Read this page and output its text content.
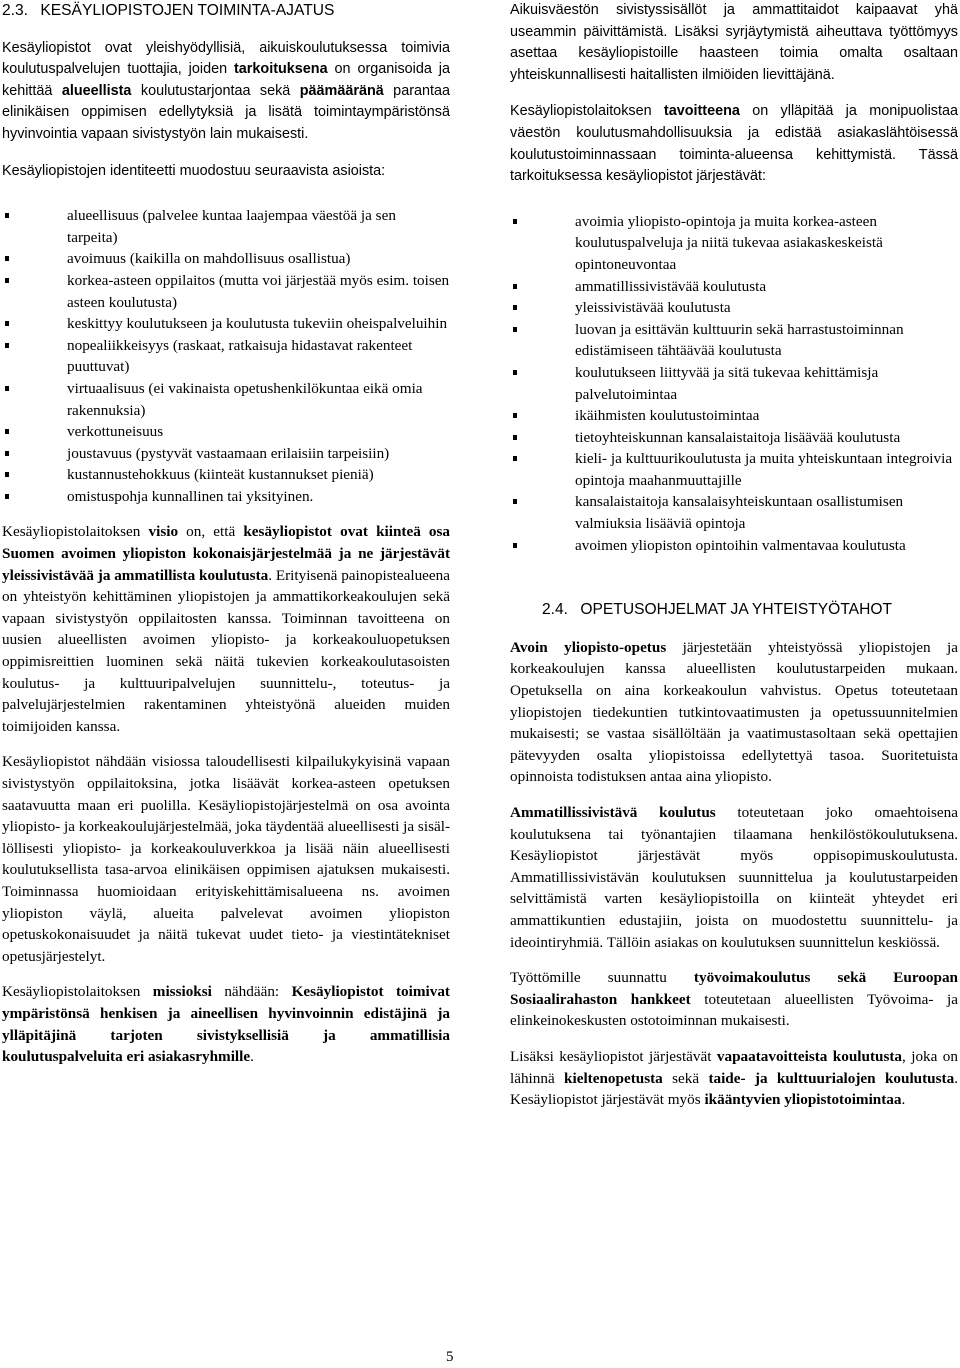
2.3. KESÄYLIOPISTOJEN TOIMINTA-AJATUS

Kesäyliopistot ovat yleishyödyllisiä, aikuiskoulutuksessa toimivia koulutuspalvelujen tuottajia, joiden tarkoituksena on organisoida ja kehittää alueellista koulutustarjontaa sekä päämääränä parantaa elinikäisen oppimisen edellytyksiä ja lisätä toimintaympäristönsä hyvinvointia vapaan sivistystyön lain mukaisesti.

Kesäyliopistojen identiteetti muodostuu seuraavista asioista:

alueellisuus (palvelee kuntaa laajempaa väestöä ja sen tarpeita)
avoimuus (kaikilla on mahdollisuus osallistua)
korkea-asteen oppilaitos (mutta voi järjestää myös esim. toisen asteen koulutusta)
keskittyy koulutukseen ja koulutusta tukeviin oheispalveluihin
nopealiikkeisyys (raskaat, ratkaisuja hidastavat rakenteet puuttuvat)
virtuaalisuus (ei vakinaista opetushenkilökuntaa eikä omia rakennuksia)
verkottuneisuus
joustavuus (pystyvät vastaamaan erilaisiin tarpeisiin)
kustannustehokkuus (kiinteät kustannukset pieniä)
omistuspohja kunnallinen tai yksityinen.

Kesäyliopistolaitoksen visio on, että kesäyliopistot ovat kiinteä osa Suomen avoimen yliopiston kokonaisjärjestelmää ja ne järjestävät yleissivistävää ja ammatillista koulutusta. Erityisenä painopistealueena on yhteistyön kehittäminen yliopistojen ja ammattikorkeakoulujen sekä vapaan sivistystyön oppilaitosten kanssa. Toiminnan tavoitteena on uusien alueellisten avoimen yliopisto- ja korkeakouluopetuksen oppimisreittien luominen sekä näitä tukevien korkeakoulutasoisten koulutus- ja kulttuuripalvelujen suunnittelu-, toteutus- ja palvelujärjestelmien rakentaminen yhteistyönä alueiden muiden toimijoiden kanssa.

Kesäyliopistot nähdään visiossa taloudellisesti kilpailukykyisinä vapaan sivistystyön oppilaitoksina, jotka lisäävät korkea-asteen opetuksen saatavuutta maan eri puolilla. Kesäyliopistojärjestelmä on osa avointa yliopisto- ja korkeakoulujärjestelmää, joka täydentää alueellisesti ja sisällöllisesti yliopisto- ja korkeakouluverkkoa ja lisää näin alueellisesti koulutuksellista tasa-arvoa elinikäisen oppimisen ajatuksen mukaisesti. Toiminnassa huomioidaan erityiskehittämisalueena ns. avoimen yliopiston väylä, alueita palvelevat avoimen yliopiston opetuskokonaisuudet ja näitä tukevat uudet tieto- ja viestintätekniset opetusjärjestelyt.

Kesäyliopistolaitoksen missioksi nähdään: Kesäyliopistot toimivat ympäristönsä henkisen ja aineellisen hyvinvoinnin edistäjinä ja ylläpitäjinä tarjoten sivistyksellisiä ja ammatillisia koulutuspalveluita eri asiakasryhmille.

Aikuisväestön sivistyssisällöt ja ammattitaidot kaipaavat yhä useammin päivittämistä. Lisäksi syrjäytymistä aiheuttava työttömyys asettaa kesäyliopistoille haasteen toimia omalta osaltaan yhteiskunnallisesti haitallisten ilmiöiden lievittäjänä.

Kesäyliopistolaitoksen tavoitteena on ylläpitää ja monipuolistaa väestön koulutusmahdollisuuksia ja edistää asiakaslähtöisessä koulutustoiminnassaan toiminta-alueensa kehittymistä. Tässä tarkoituksessa kesäyliopistot järjestävät:

avoimia yliopisto-opintoja ja muita korkea-asteen koulutuspalveluja ja niitä tukevaa asiakaskeskeistä opintoneuvontaa
ammatillissivistävää koulutusta
yleissivistävää koulutusta
luovan ja esittävän kulttuurin sekä harrastustoiminnan edistämiseen tähtäävää koulutusta
koulutukseen liittyvää ja sitä tukevaa kehittämisja palvelutoimintaa
ikäihmisten koulutustoimintaa
tietoyhteiskunnan kansalaistaitoja lisäävää koulutusta
kieli- ja kulttuurikoulutusta ja muita yhteiskuntaan integroivia opintoja maahanmuuttajille
kansalaistaitoja kansalaisyhteiskuntaan osallistumisen valmiuksia lisääviä opintoja
avoimen yliopiston opintoihin valmentavaa koulutusta
2.4. OPETUSOHJELMAT JA YHTEISTYÖTAHOT

Avoin yliopisto-opetus järjestetään yhteistyössä yliopistojen ja korkeakoulujen kanssa alueellisten koulutustarpeiden mukaan. Opetuksella on aina korkeakoulun vahvistus. Opetus toteutetaan yliopistojen tiedekuntien tutkintovaatimusten ja opetussuunnitelmien mukaisesti; se vastaa sisällöltään ja vaatimustasoltaan sekä opettajien pätevyyden osalta yliopistoissa edellytettyä tasoa. Suoritetuista opinnoista todistuksen antaa aina yliopisto.

Ammatillissivistävä koulutus toteutetaan joko omaehtoisena koulutuksena tai työnantajien tilaamana henkilöstökoulutuksena. Kesäyliopistot järjestävät myös oppisopimuskoulutusta. Ammatillissivistävän koulutuksen suunnittelua ja koulutustarpeiden selvittämistä varten kesäyliopistoilla on kiinteät yhteydet eri ammattikuntien edustajiin, joista on muodostettu suunnittelu- ja ideointiryhmiä. Tällöin asiakas on koulutuksen suunnittelun keskiössä.

Työttömille suunnattu työvoimakoulutus sekä Euroopan Sosiaalirahaston hankkeet toteutetaan alueellisten Työvoima- ja elinkeinokeskusten ostotoiminnan mukaisesti.

Lisäksi kesäyliopistot järjestävät vapaatavoitteista koulutusta, joka on lähinnä kieltenopetusta sekä taide- ja kulttuurialojen koulutusta. Kesäyliopistot järjestävät myös ikääntyvien yliopistotoimintaa.

5
